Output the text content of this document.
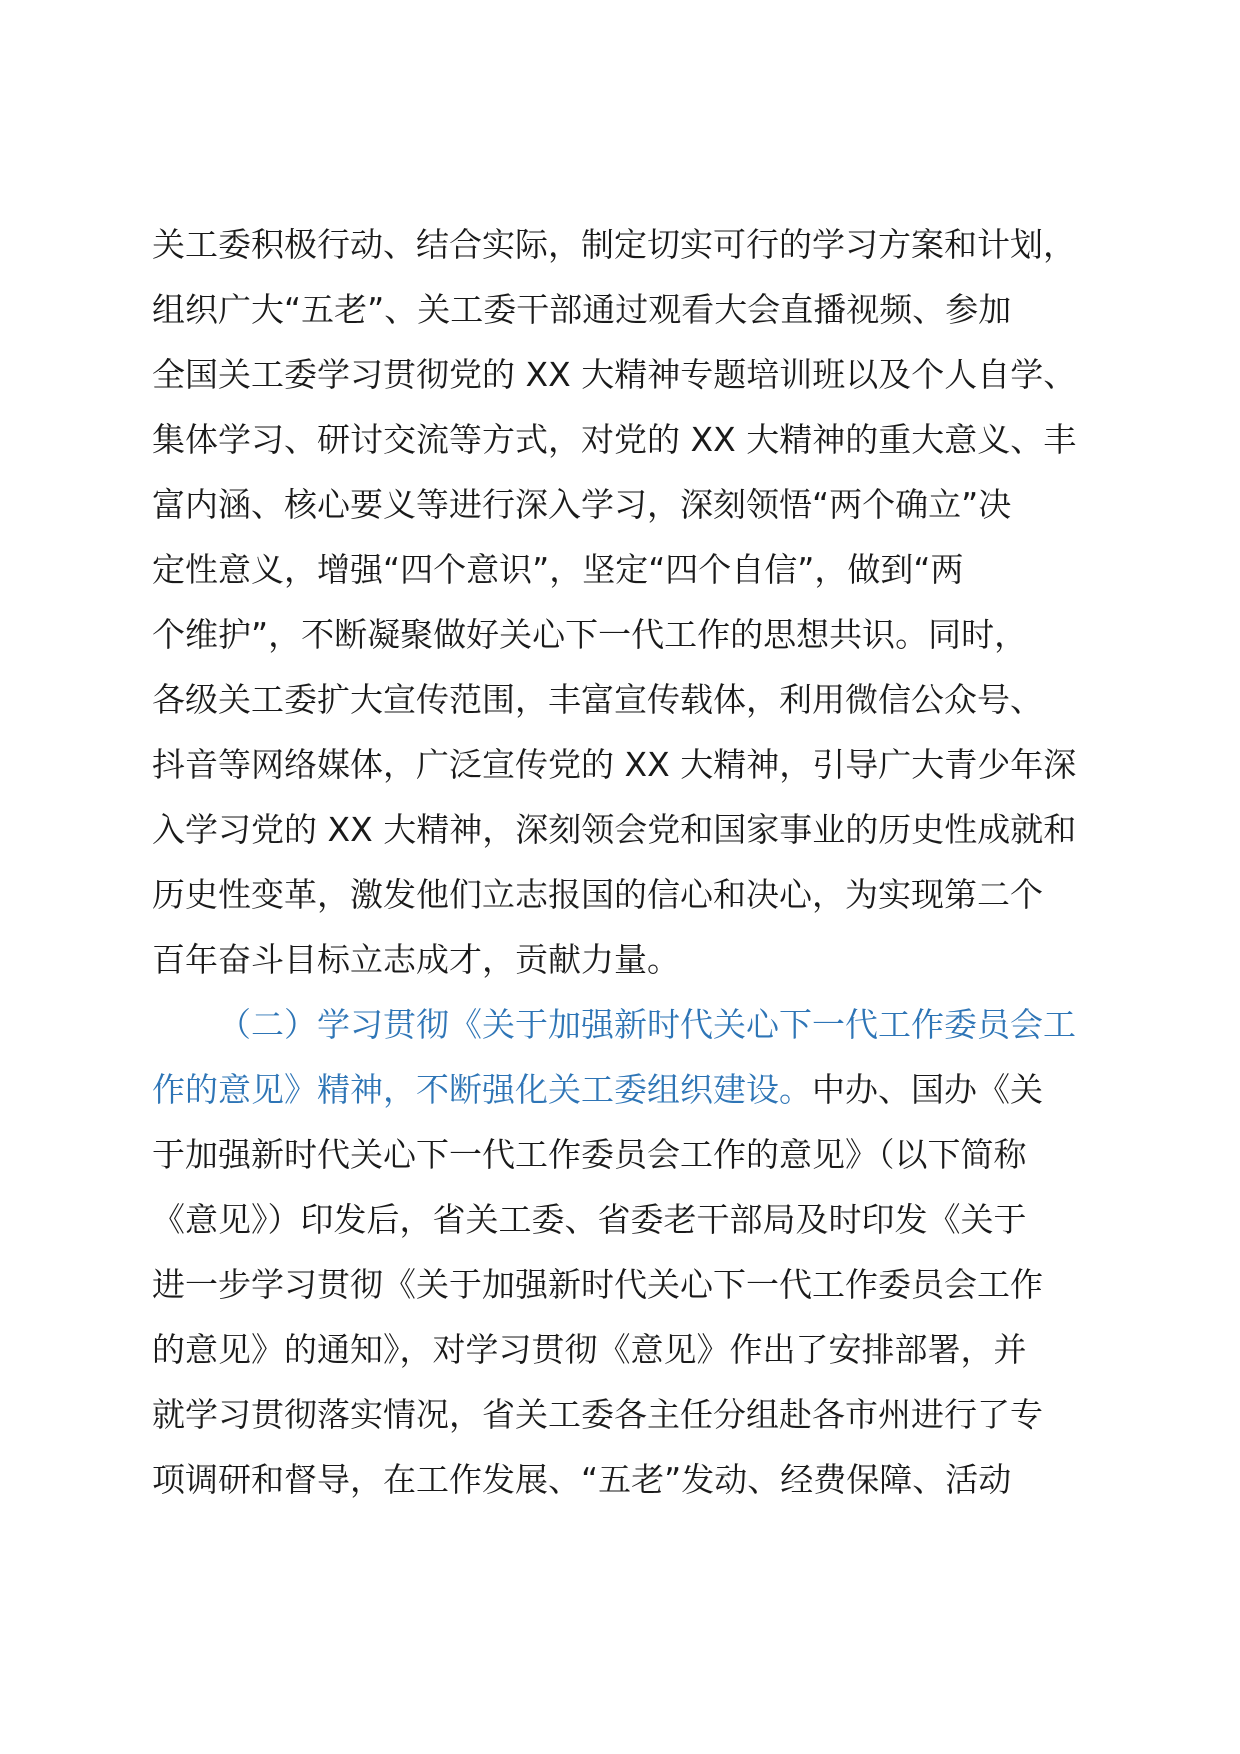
关工委积极行动、结合实际，制定切实可行的学习方案和计划，
组织广大“五老”、关工委干部通过观看大会直播视频、参加
全国关工委学习贯彻党的 XX 大精神专题培训班以及个人自学、
集体学习、研讨交流等方式，对党的 XX 大精神的重大意义、丰
富内涵、核心要义等进行深入学习，深刻领悟“两个确立”决
定性意义，增强“四个意识”，坚定“四个自信”，做到“两
个维护”，不断凝聚做好关心下一代工作的思想共识。同时，
各级关工委扩大宣传范围，丰富宣传载体，利用微信公众号、
抖音等网络媒体，广泛宣传党的 XX 大精神，引导广大青少年深
入学习党的 XX 大精神，深刻领会党和国家事业的历史性成就和
历史性变革，激发他们立志报国的信心和决心，为实现第二个
百年奋斗目标立志成才，贡献力量。
（二）学习贯彻《关于加强新时代关心下一代工作委员会工
作的意见》精神，不断强化关工委组织建设。中办、国办《关
于加强新时代关心下一代工作委员会工作的意见》（以下简称
《意见》）印发后，省关工委、省委老干部局及时印发《关于
进一步学习贯彻《关于加强新时代关心下一代工作委员会工作
的意见》的通知》，对学习贯彻《意见》作出了安排部署，并
就学习贯彻落实情况，省关工委各主任分组赴各市州进行了专
项调研和督导，在工作发展、“五老”发动、经费保障、活动
